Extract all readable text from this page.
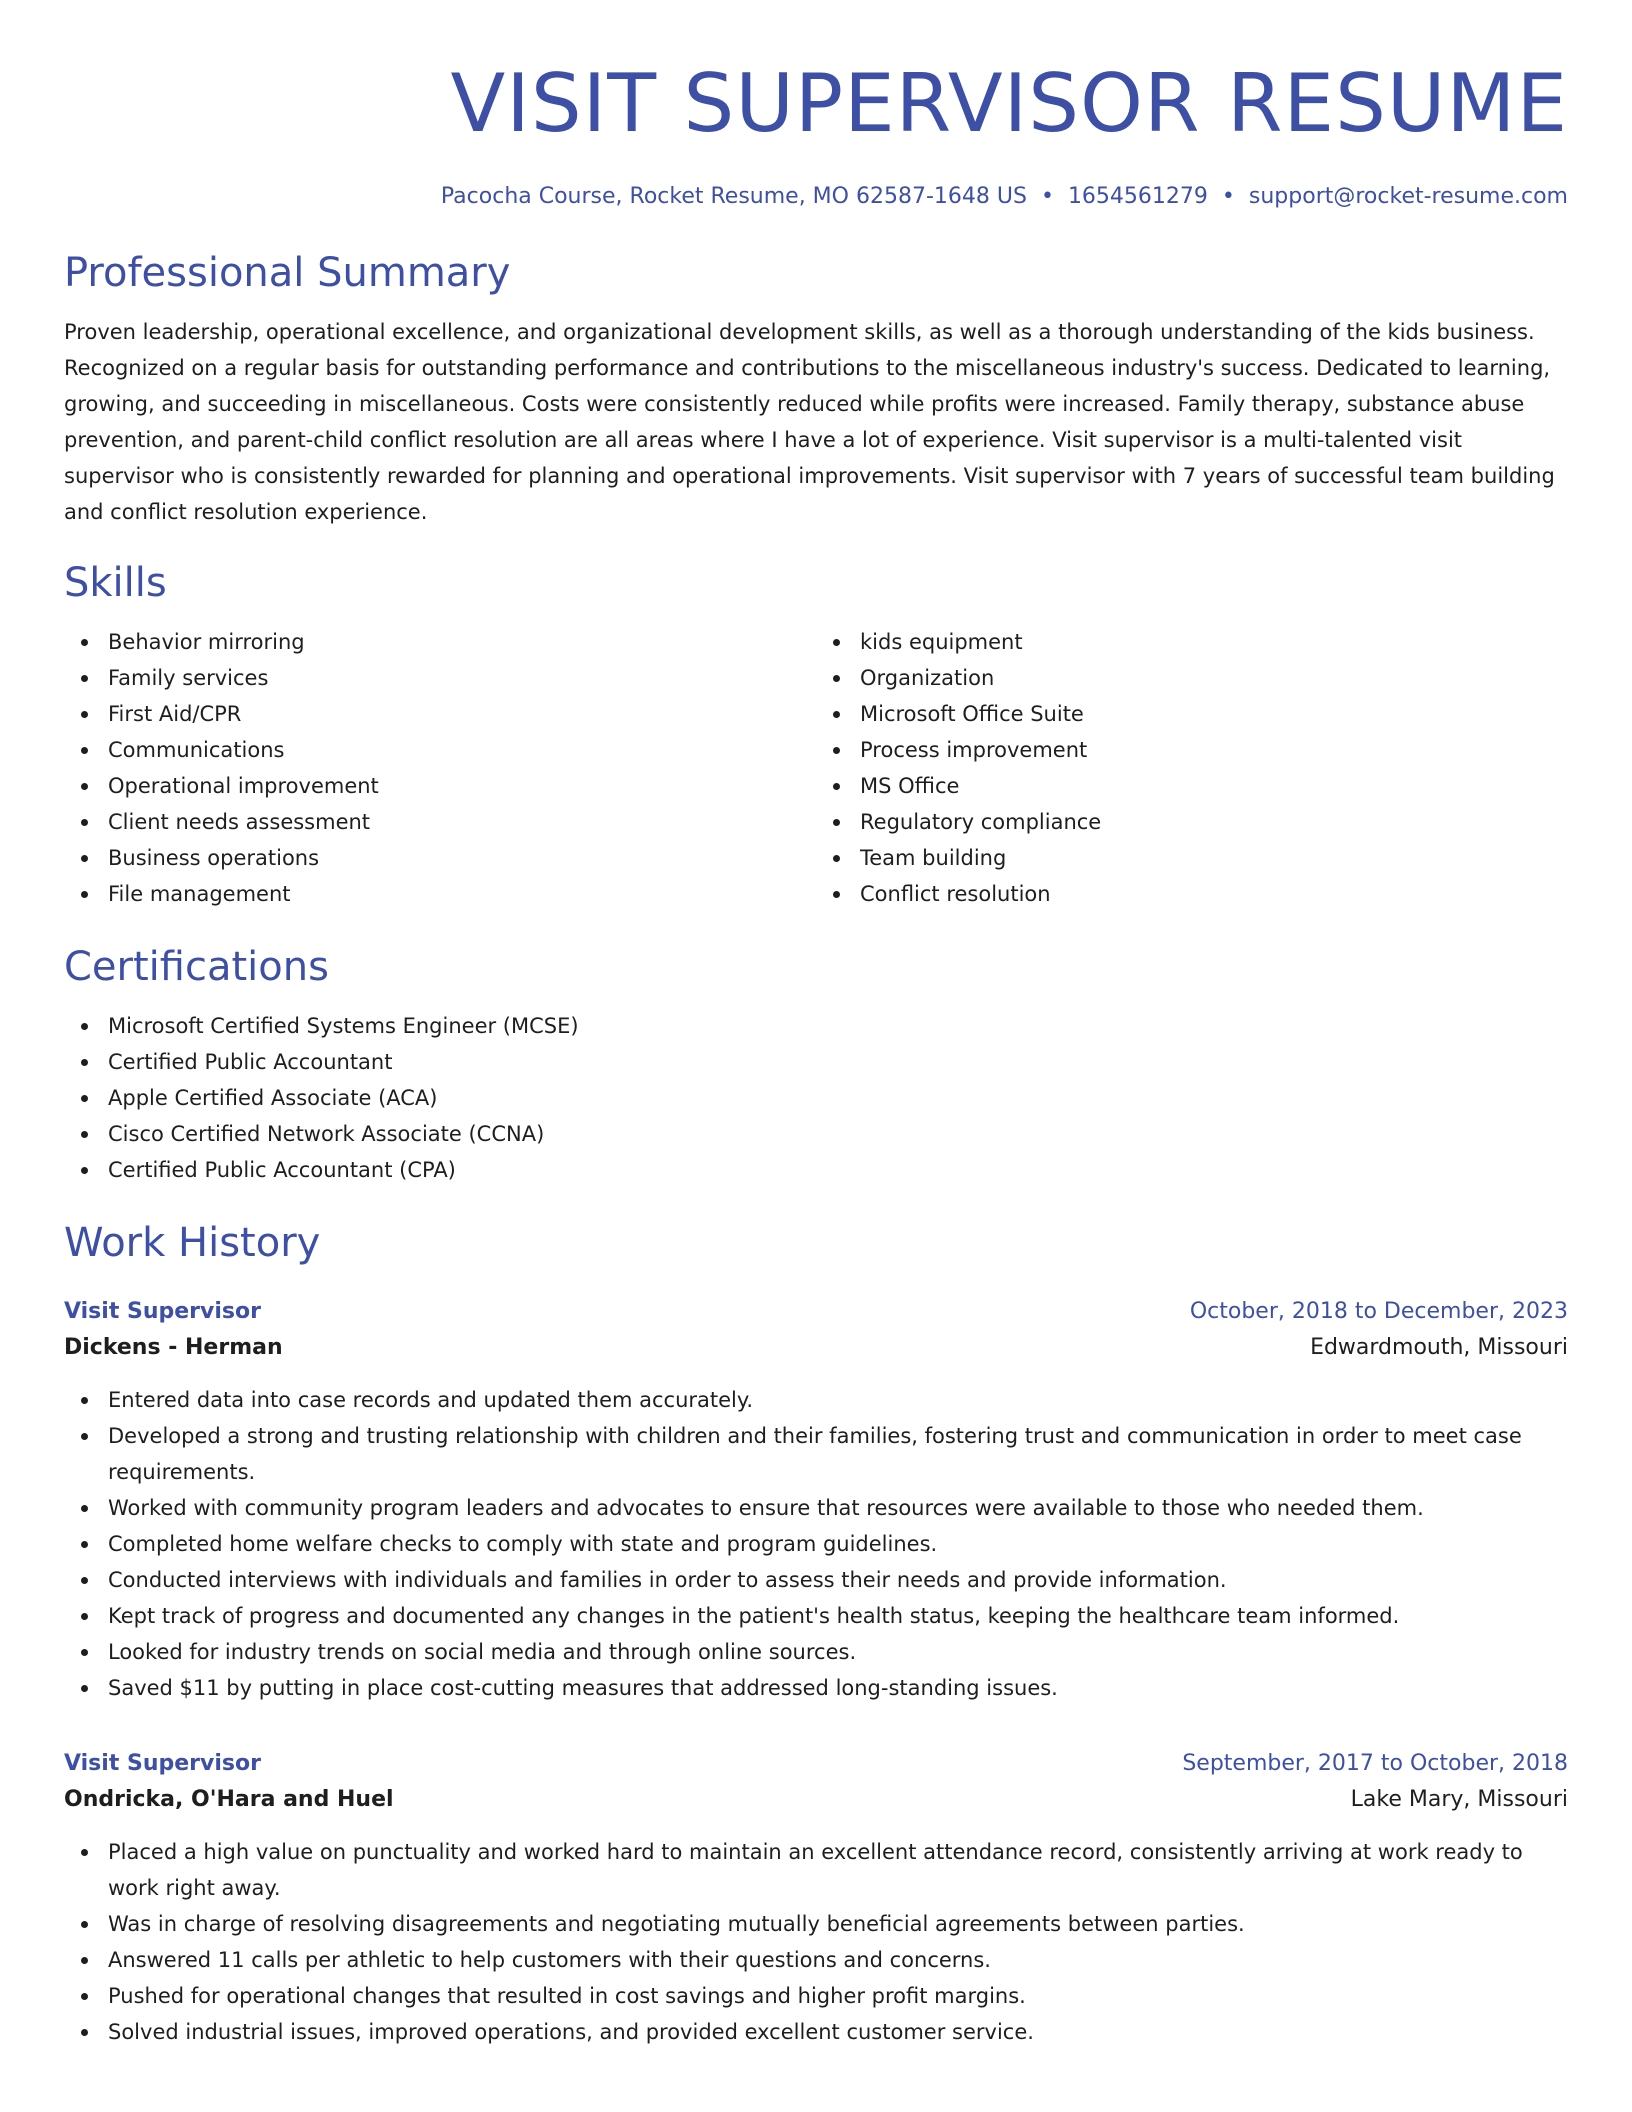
VISIT SUPERVISOR RESUME
Pacocha Course, Rocket Resume, MO 62587-1648 US • 1654561279 • support@rocket-resume.com
Professional Summary

Proven leadership, operational excellence, and organizational development skills, as well as a thorough understanding of the kids business. Recognized on a regular basis for outstanding performance and contributions to the miscellaneous industry's success. Dedicated to learning, growing, and succeeding in miscellaneous. Costs were consistently reduced while profits were increased. Family therapy, substance abuse prevention, and parent-child conflict resolution are all areas where I have a lot of experience. Visit supervisor is a multi-talented visit supervisor who is consistently rewarded for planning and operational improvements. Visit supervisor with 7 years of successful team building and conflict resolution experience.

Skills
Behavior mirroring
Family services
First Aid/CPR
Communications
Operational improvement
Client needs assessment
Business operations
File management
kids equipment
Organization
Microsoft Office Suite
Process improvement
MS Office
Regulatory compliance
Team building
Conflict resolution
Certifications
Microsoft Certified Systems Engineer (MCSE)
Certified Public Accountant
Apple Certified Associate (ACA)
Cisco Certified Network Associate (CCNA)
Certified Public Accountant (CPA)
Work History
Visit Supervisor	October, 2018 to December, 2023
Dickens - Herman	Edwardmouth, Missouri
Entered data into case records and updated them accurately.
Developed a strong and trusting relationship with children and their families, fostering trust and communication in order to meet case requirements.
Worked with community program leaders and advocates to ensure that resources were available to those who needed them.
Completed home welfare checks to comply with state and program guidelines.
Conducted interviews with individuals and families in order to assess their needs and provide information.
Kept track of progress and documented any changes in the patient's health status, keeping the healthcare team informed.
Looked for industry trends on social media and through online sources.
Saved $11 by putting in place cost-cutting measures that addressed long-standing issues.
Visit Supervisor	September, 2017 to October, 2018
Ondricka, O'Hara and Huel	Lake Mary, Missouri
Placed a high value on punctuality and worked hard to maintain an excellent attendance record, consistently arriving at work ready to work right away.
Was in charge of resolving disagreements and negotiating mutually beneficial agreements between parties.
Answered 11 calls per athletic to help customers with their questions and concerns.
Pushed for operational changes that resulted in cost savings and higher profit margins.
Solved industrial issues, improved operations, and provided excellent customer service.
